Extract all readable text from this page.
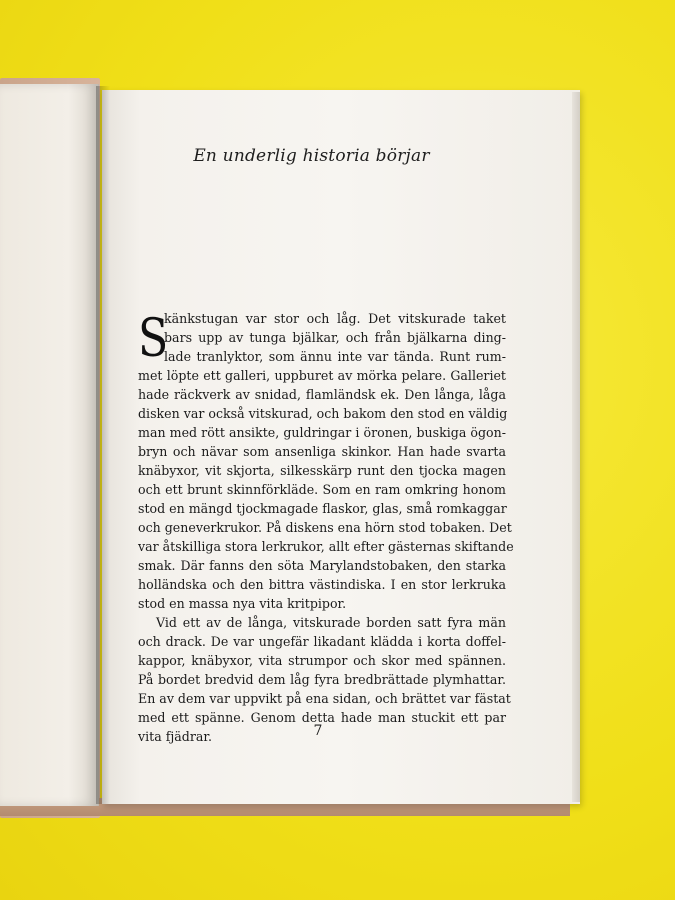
En underlig historia börjar
S
känkstugan var stor och låg. Det vitskurade taket
bars upp av tunga bjälkar, och från bjälkarna ding-
lade tranlyktor, som ännu inte var tända. Runt rum-
met löpte ett galleri, uppburet av mörka pelare. Galleriet
hade räckverk av snidad, flamländsk ek. Den långa, låga
disken var också vitskurad, och bakom den stod en väldig
man med rött ansikte, guldringar i öronen, buskiga ögon-
bryn och nävar som ansenliga skinkor. Han hade svarta
knäbyxor, vit skjorta, silkesskärp runt den tjocka magen
och ett brunt skinnförkläde. Som en ram omkring honom
stod en mängd tjockmagade flaskor, glas, små romkaggar
och geneverkrukor. På diskens ena hörn stod tobaken. Det
var åtskilliga stora lerkrukor, allt efter gästernas skiftande
smak. Där fanns den söta Marylandstobaken, den starka
holländska och den bittra västindiska. I en stor lerkruka
stod en massa nya vita kritpipor.
Vid ett av de långa, vitskurade borden satt fyra män
och drack. De var ungefär likadant klädda i korta doffel-
kappor, knäbyxor, vita strumpor och skor med spännen.
På bordet bredvid dem låg fyra bredbrättade plymhattar.
En av dem var uppvikt på ena sidan, och brättet var fästat
med ett spänne. Genom detta hade man stuckit ett par
vita fjädrar.	7
